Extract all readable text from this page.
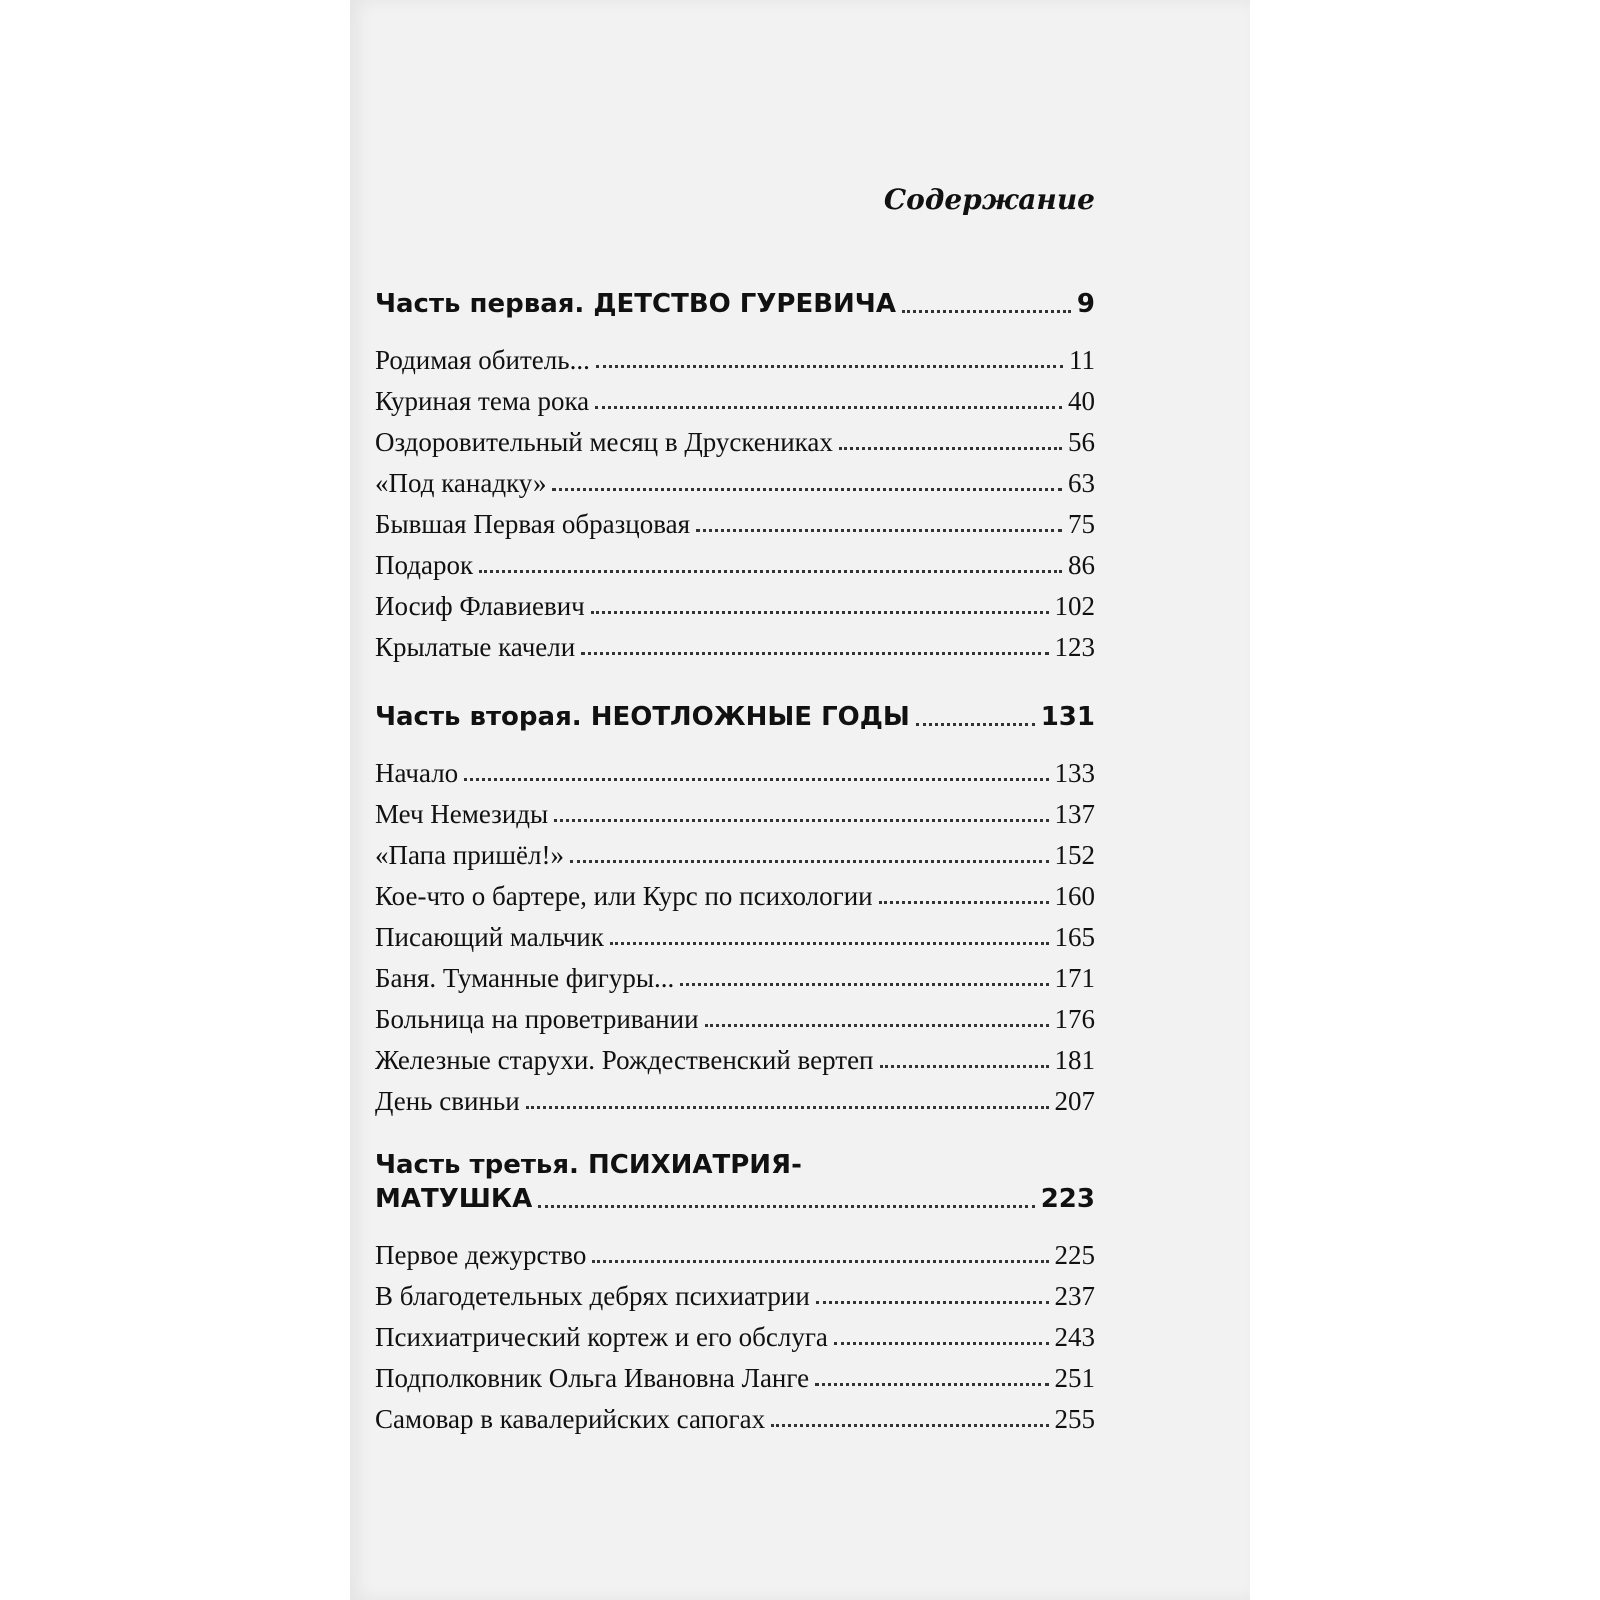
Содержание
Часть первая. ДЕТСТВО ГУРЕВИЧА	9
Родимая обитель...	11
Куриная тема рока	40
Оздоровительный месяц в Друскениках	56
«Под канадку»	63
Бывшая Первая образцовая	75
Подарок	86
Иосиф Флавиевич	102
Крылатые качели	123
Часть вторая. НЕОТЛОЖНЫЕ ГОДЫ	131
Начало	133
Меч Немезиды	137
«Папа пришёл!»	152
Кое-что о бартере, или Курс по психологии	160
Писающий мальчик	165
Баня. Туманные фигуры...	171
Больница на проветривании	176
Железные старухи. Рождественский вертеп	181
День свиньи	207
Часть третья. ПСИХИАТРИЯ-
МАТУШКА	223
Первое дежурство	225
В благодетельных дебрях психиатрии	237
Психиатрический кортеж и его обслуга	243
Подполковник Ольга Ивановна Ланге	251
Самовар в кавалерийских сапогах	255
